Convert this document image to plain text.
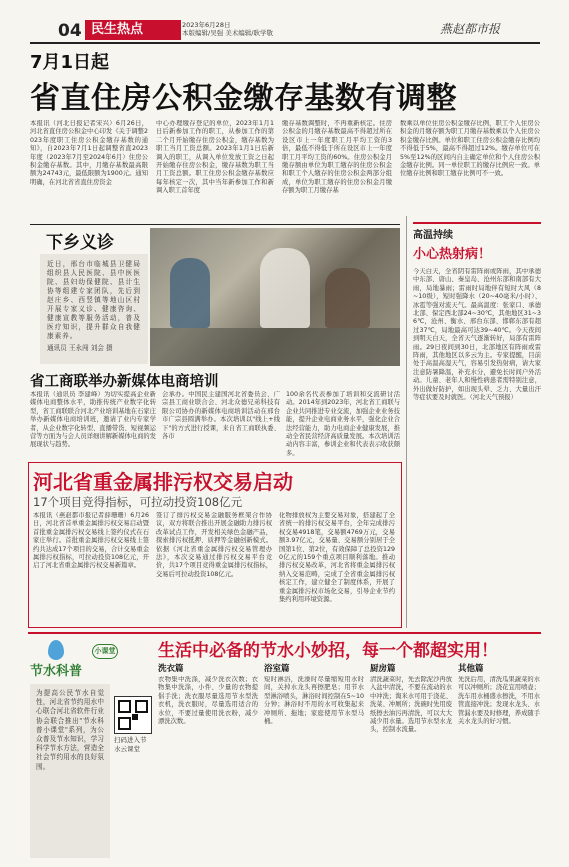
04 民生热点	2023年6月28日
本版编辑/吴强 美术编辑/耿学敬	燕赵都市报
7月1日起
省直住房公积金缴存基数有调整
本报讯（河北日报记者宋兴）6月26日，河北省直住房公积金中心印发《关于调整2023年度职工住房公积金缴存基数的通知》，自2023年7月1日起调整省直2023年度（2023年7月至2024年6月）住房公积金缴存基数。其中，月缴存基数最高限额为24743元，最低限额为1900元。通知明确，在河北省省直住房资金
中心办理缴存登记的单位，2023年1月1日后新参加工作的职工，从参加工作的第二个月开始缴存住房公积金，缴存基数为职工当月工资总额。2023年1月1日后新调入的职工，从调入单位发放工资之日起开始缴存住房公积金，缴存基数为职工当月工资总额。职工住房公积金缴存基数应每年核定一次，其中当年新参加工作和新调入职工首年度
缴存基数调整时，不再重新核定。住房公积金的月缴存基数最高不得超过所在设区市上一年度职工月平均工资的3倍，最低不得低于所在设区市上一年度职工月平均工资的60%。住房公积金月缴存额由单位为职工缴存的住房公积金和职工个人缴存的住房公积金两部分组成，单位为职工缴存的住房公积金月缴存额为职工月缴存基
数乘以单位住房公积金缴存比例，职工个人住房公积金的月缴存额为职工月缴存基数乘以个人住房公积金缴存比例。单位和职工住房公积金缴存比例均不得低于5%，最高不得超过12%。缴存单位可在5%至12%的区间内自主确定单位和个人住房公积金缴存比例。同一单位职工的缴存比例应一致。单位缴存比例和职工缴存比例可不一致。
下乡义诊
近日，邢台市临城县卫健局组织县人民医院、县中医医院、县妇幼保健院、县计生协等组建专家团队，先后到赵庄乡、西竖镇等地山区村开展专家义诊、健康咨询、健康宣教等服务活动，普及医疗知识，提升群众自我健康素养。
通讯员 王永闯 刘会 摄
省工商联举办新媒体电商培训
本报讯（通讯员 李建峰）为切实提高企业新媒体电商整体水平，助推传统产业数字化转型，省工商联联合河北产业培训基地在石家庄举办新媒体电商培训班，邀请了业内专家学者，从企业数字化转型、直播带货、短视频运营等方面为与会人员详细讲解新媒体电商的发展现状与趋势。
会承办。中国民主建国河北省委员会、广宗县工商业联合会、河北众德兄弟科技有限公司协办的新媒体电商培训活动在邢台市广宗县圆满举办。本次培训以"线上+线下"的方式进行授课，来自省工商联执委、各市
100余名代表参加了培训和交流研讨活动。2014年到2023年，河北省工商联与企业共同推进专业交流，加强企业业务技能，提升企业电商业务水平，强化企业合法经营能力，助力电商企业健康发展，推动全省民营经济高质量发展。本次培训活动内容丰富，参训企业和代表表示收获颇多。
高温持续
小心热射病！
今天白天，全省阴有雷阵雨或阵雨，其中承德中东部、唐山、秦皇岛、沧州东部和南部有大雨，局地暴雨；雷雨时局地伴有短时大风（8~10级），短时强降水（20~40毫米/小时）、冰雹等强对流天气。最高温度：张家口、承德北部、保定西北部24~30℃，其他地区31~36℃，沧州、衡水、邢台东部、邯郸东部有超过37℃，局地最高可达39~40℃。今天夜间到明天白天，全省天气逐渐转好，局部有雷阵雨。29日夜间到30日，北部地区有阵雨或雷阵雨，其他地区以多云为主。专家提醒，目前处于高温高湿天气，容易引发热射病，请大家注意防暑降温，补充水分，避免长时间户外活动。儿童、老年人和慢性病患者需特别注意，外出做好防护，如出现头晕、乏力、大量出汗等症状要及时就医。（河北天气预报）
河北省重金属排污权交易启动
17个项目竞得指标，可拉动投资108亿元
本报讯（燕赵都市报记者薛珊珊）6月26日，河北省首单重金属排污权交易启动暨首批重金属排污权交易线上签约仪式在石家庄举行。首批重金属排污权交易线上签约共达成17个项目的交易，合计交易重金属排污权指标，可拉动投资108亿元，开启了河北省重金属排污权交易新篇章。
签订了排污权交易金融服务框架合作协议，双方将联合推出开展金融助力排污权改革试点工作，开发相关绿色金融产品，探索排污权抵押、质押等金融创新模式。依据《河北省重金属排污权交易管理办法》，本次交易通过排污权交易平台竞价，共17个项目竞得重金属排污权指标，交易后可拉动投资108亿元。
化物排放权为主要交易对象，搭建起了全省统一的排污权交易平台，全年完成排污权交易4918笔，交易额4769万元，交易额3.97亿元，交易量、交易额分别居于全国第1位、第2位，有效保障了总投资1290亿元的159个重点项目顺利落地。推动排污权交易改革，河北省将重金属排污权纳入交易范畴，完成了全省重金属排污权核定工作，建立健全了制度体系，开展了重金属排污权市场化交易，引导企业节约集约利用环境资源。
生活中必备的节水小妙招，每一个都超实用！
节水科普
小课堂
为提高公民节水自觉性，河北省节约用水中心联合河北省软件行业协会联合推出"节水科普小课堂"系列，为公众普及节水知识，学习科学节水方法，营造全社会节约用水的良好氛围。
扫码进入节水云课堂
洗衣篇
衣物集中洗涤，减少洗衣次数；衣物集中洗涤，小件、少量的衣物提倡手洗；洗衣服尽量选用节水型洗衣机，洗衣服时，尽量选用适合的水位，不要过量使用洗衣粉，减少漂洗次数。
浴室篇
短时淋浴，洗澡时尽量缩短用水时间，关掉水龙头再擦肥皂；用节水型淋浴喷头，淋浴时间控制在5~10分钟；淋浴时不用的水可收集起来冲厕所、拖地；家庭使用节水型马桶。
厨房篇
清洗蔬菜时，先去除泥沙再放入盆中清洗，不要在流动的水中冲洗；淘米水可用于浇花、洗菜、冲厕所；洗碗时先用废纸擦去油污再清洗，可以大大减少用水量。选用节水型水龙头，控制水流量。
其他篇
先洗后用，清洗瓜果蔬菜的水可以冲厕所；浇花宜用喷壶；洗车用水桶盛水擦洗，不用水管直接冲洗；发现水龙头、水管漏水要及时修理，养成随手关水龙头的好习惯。
